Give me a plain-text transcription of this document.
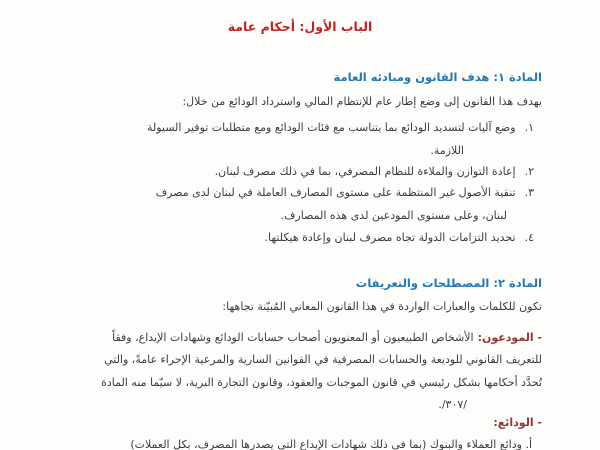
الباب الأول: أحكام عامة
المادة ١: هدف القانون ومبادئه العامة
يهدف هذا القانون إلى وضع إطار عام للإنتظام المالي واسترداد الودائع من خلال:
١.وضع آليات لتسديد الودائع بما يتناسب مع فئات الودائع ومع متطلبات توفير السيولة
اللازمة.
٢.إعادة التوازن والملاءة للنظام المصرفي، بما في ذلك مصرف لبنان.
٣.تنقية الأصول غير المنتظمة على مستوى المصارف العاملة في لبنان لدى مصرف
لبنان، وعلى مستوى المودعين لدى هذه المصارف.
٤.تحديد التزامات الدولة تجاه مصرف لبنان وإعادة هيكلتها.
المادة ٢: المصطلحات والتعريفات
تكون للكلمات والعبارات الواردة في هذا القانون المعاني المُبيّنة تجاهها:
- المودعون:الأشخاص الطبيعيون أو المعنويون أصحاب حسابات الودائع وشهادات الإيداع، وفقاً
للتعريف القانوني للوديعة والحسابات المصرفية في القوانين السارية والمرعية الإجراء عامةً، والتي
تُحدَّد أحكامها بشكل رئيسي في قانون الموجبات والعقود، وقانون التجارة البرية، لا سيّما منه المادة
/٣٠٧/.
- الودائع:
أ. ودائع العملاء والبنوك (بما في ذلك شهادات الإيداع التي يصدرها المصرف، بكل العملات)
